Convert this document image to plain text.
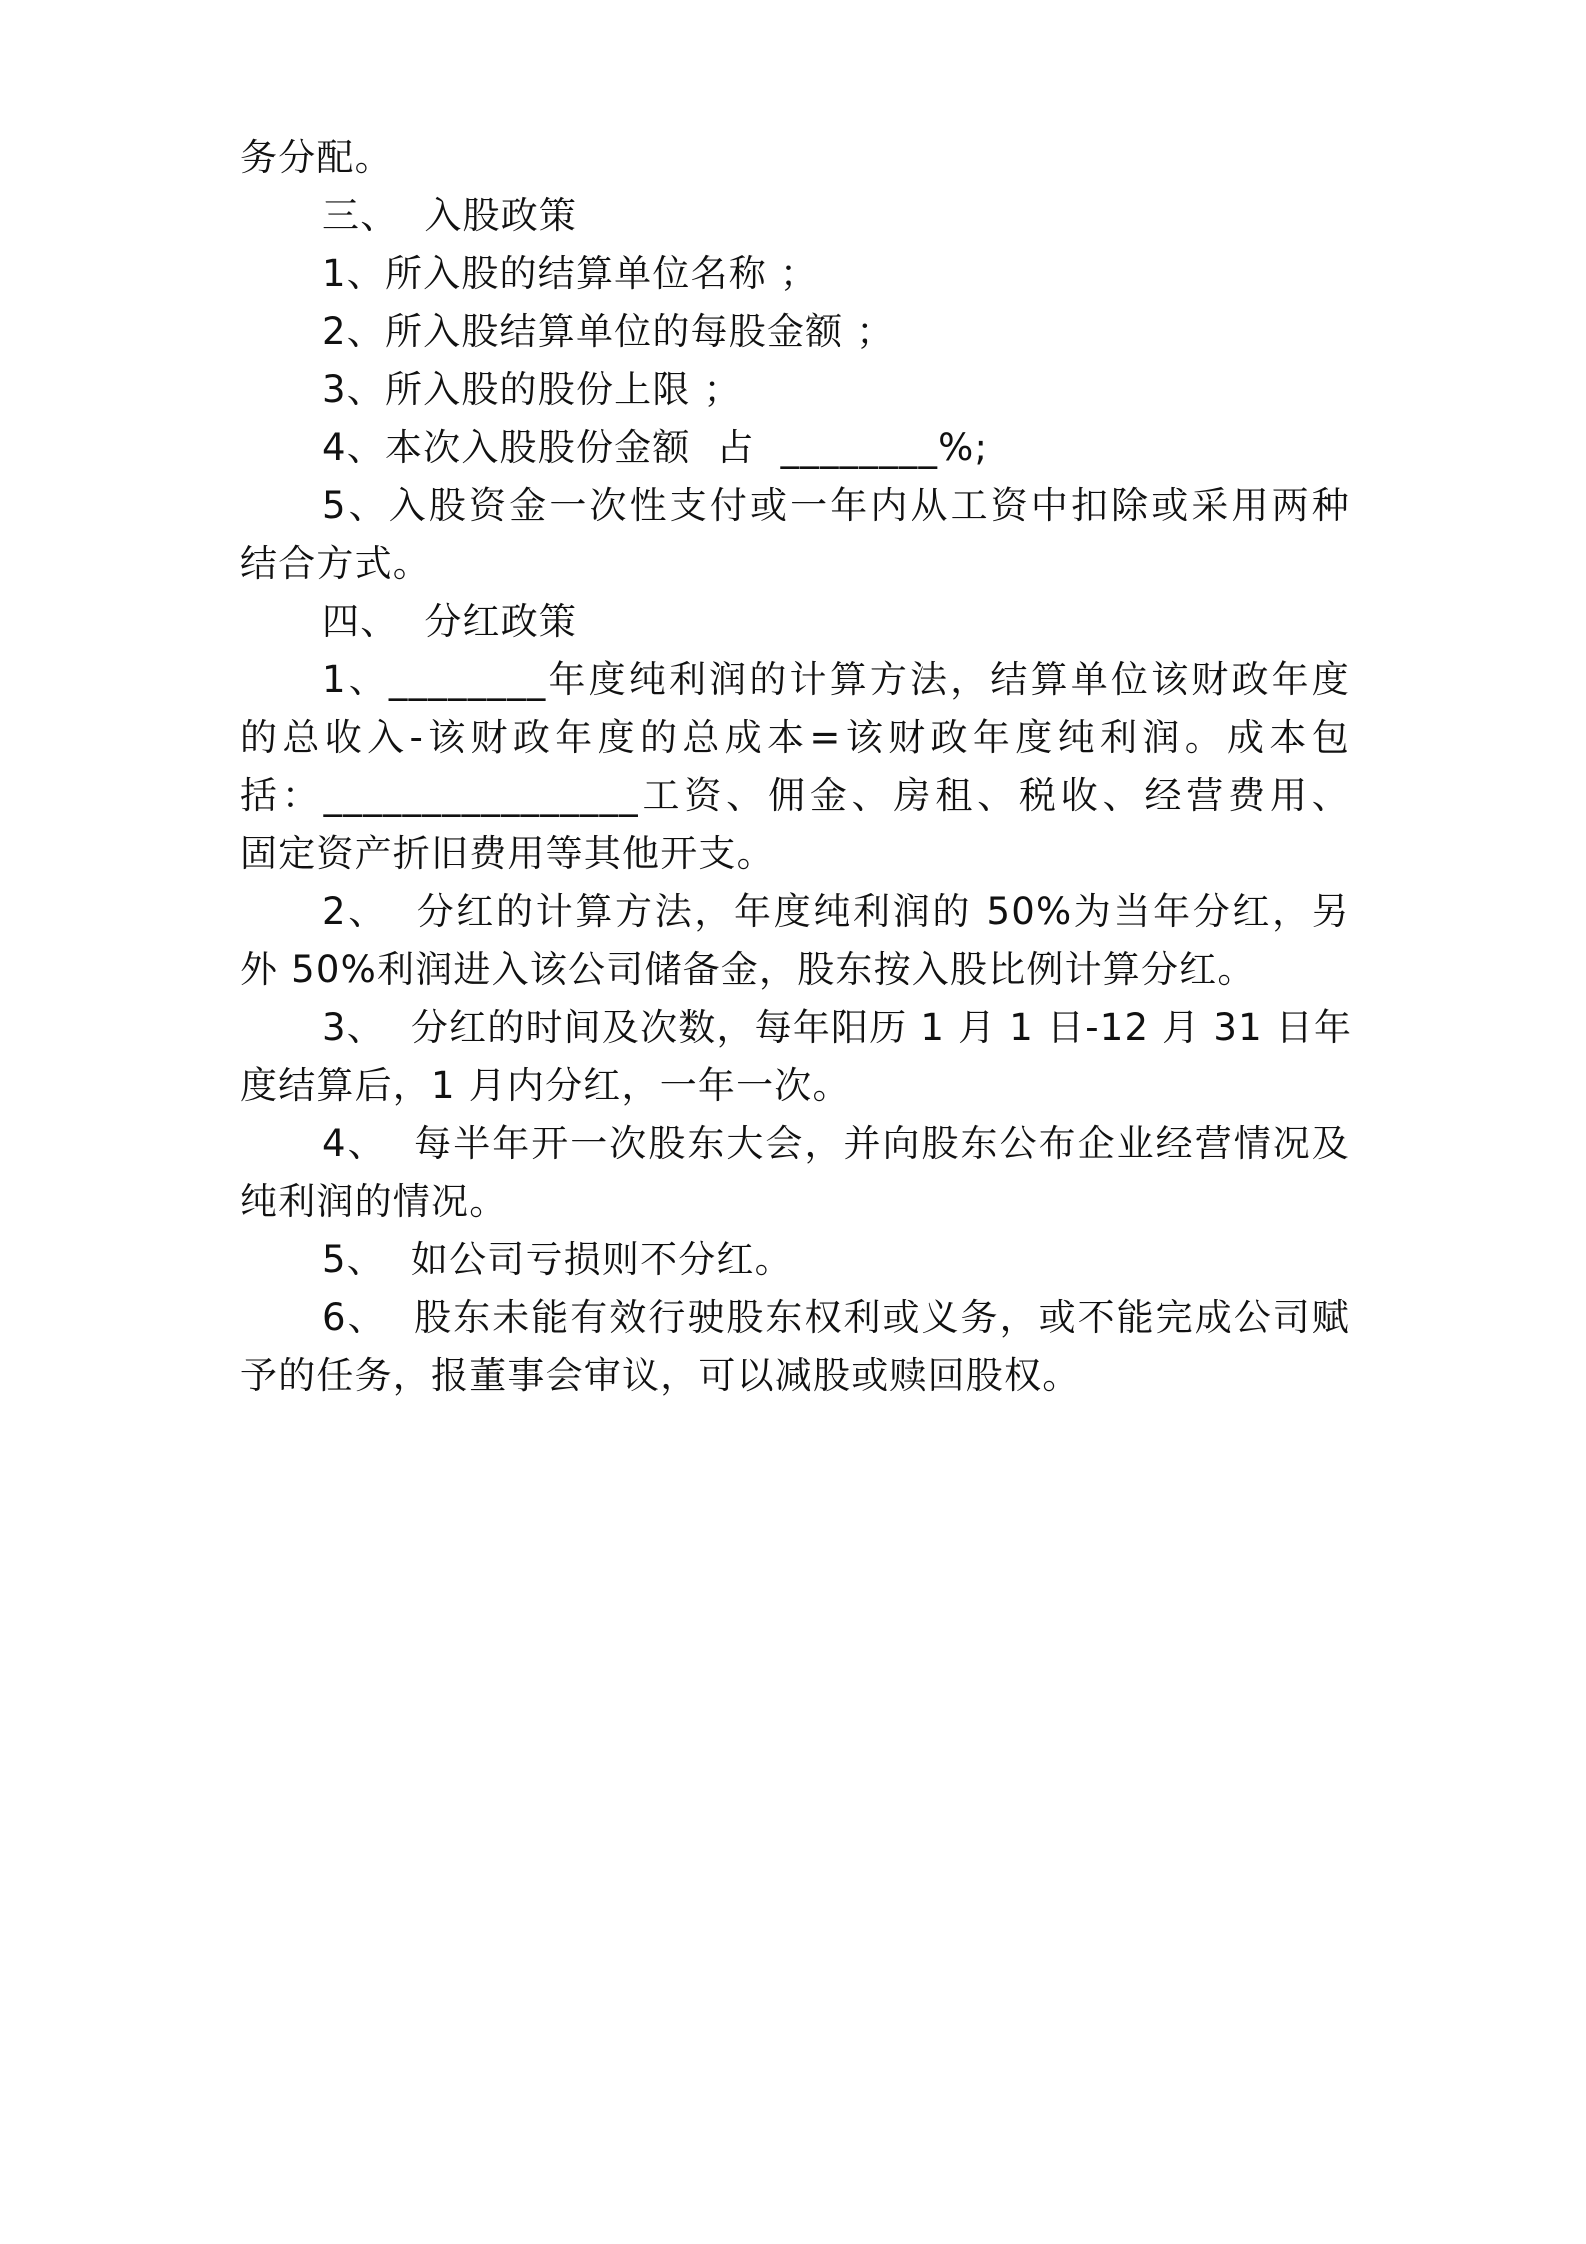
务分配。
三、  入股政策
1、所入股的结算单位名称 ；
2、所入股结算单位的每股金额 ；
3、所入股的股份上限 ；
4、本次入股股份金额  占  ________%;
5、入股资金一次性支付或一年内从工资中扣除或采用两种
结合方式。
四、  分红政策
1、________年度纯利润的计算方法，结算单位该财政年度
的总收入-该财政年度的总成本=该财政年度纯利润。成本包
括：________________工资、佣金、房租、税收、经营费用、
固定资产折旧费用等其他开支。
2、  分红的计算方法，年度纯利润的 50%为当年分红，另
外 50%利润进入该公司储备金，股东按入股比例计算分红。
3、  分红的时间及次数，每年阳历 1 月 1 日-12 月 31 日年
度结算后，1 月内分红，一年一次。
4、  每半年开一次股东大会，并向股东公布企业经营情况及
纯利润的情况。
5、  如公司亏损则不分红。
6、  股东未能有效行驶股东权利或义务，或不能完成公司赋
予的任务，报董事会审议，可以减股或赎回股权。
